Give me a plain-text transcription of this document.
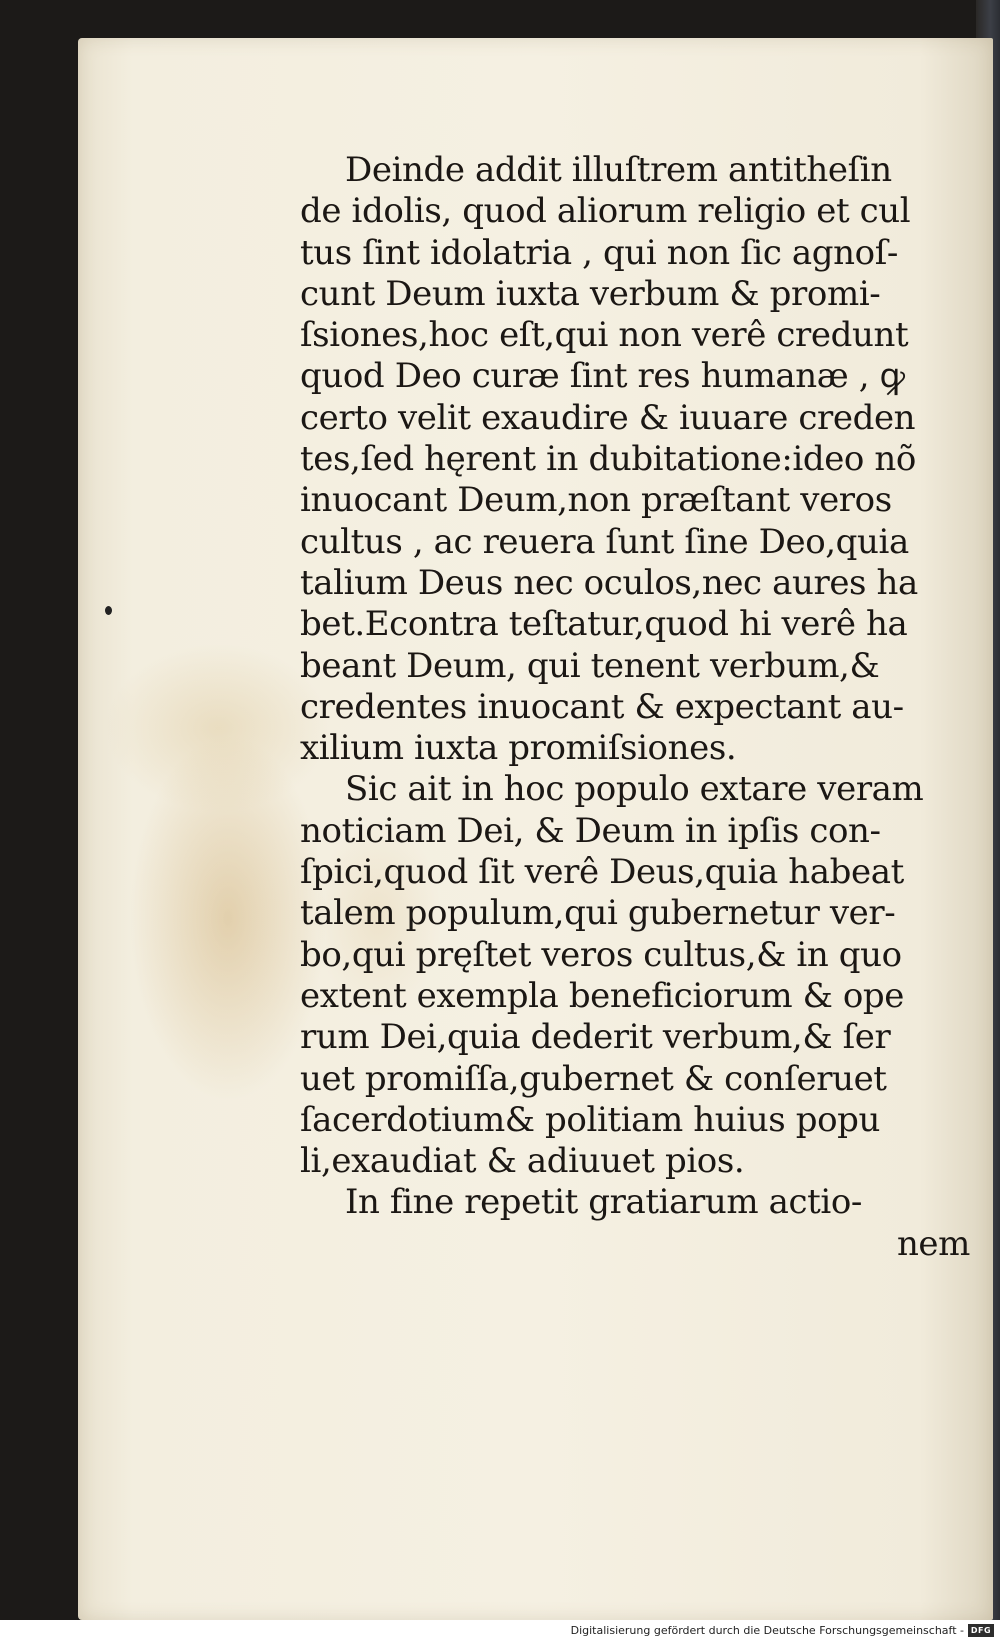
Deinde addit illuſtrem antitheſin
de idolis, quod aliorum religio et cul
tus ſint idolatria , qui non ſic agnoſ-
cunt Deum iuxta verbum & promi-
ſsiones,hoc eſt,qui non verê credunt
quod Deo curæ ſint res humanæ , ꝙ
certo velit exaudire & iuuare creden
tes,ſed hęrent in dubitatione:ideo nõ
inuocant Deum,non præſtant veros
cultus , ac reuera ſunt ſine Deo,quia
talium Deus nec oculos,nec aures ha
bet.Econtra teſtatur,quod hi verê ha
beant Deum, qui tenent verbum,&
credentes inuocant & expectant au-
xilium iuxta promiſsiones.
Sic ait in hoc populo extare veram
noticiam Dei, & Deum in ipſis con-
ſpici,quod ſit verê Deus,quia habeat
talem populum,qui gubernetur ver-
bo,qui pręſtet veros cultus,& in quo
extent exempla beneficiorum & ope
rum Dei,quia dederit verbum,& ſer
uet promiſſa,gubernet & conſeruet
ſacerdotium& politiam huius popu
li,exaudiat & adiuuet pios.
In fine repetit gratiarum actio-
nem
Digitalisierung gefördert durch die Deutsche Forschungsgemeinschaft - DFG
